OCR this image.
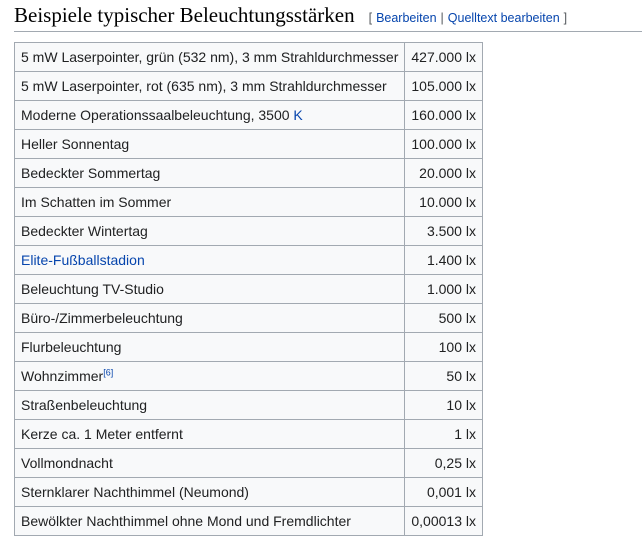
Beispiele typischer Beleuchtungsstärken [ Bearbeiten | Quelltext bearbeiten ]
5 mW Laserpointer, grün (532 nm), 3 mm Strahldurchmesser	427.000 lx
5 mW Laserpointer, rot (635 nm), 3 mm Strahldurchmesser	105.000 lx
Moderne Operationssaalbeleuchtung, 3500 K	160.000 lx
Heller Sonnentag	100.000 lx
Bedeckter Sommertag	20.000 lx
Im Schatten im Sommer	10.000 lx
Bedeckter Wintertag	3.500 lx
Elite-Fußballstadion	1.400 lx
Beleuchtung TV-Studio	1.000 lx
Büro-/Zimmerbeleuchtung	500 lx
Flurbeleuchtung	100 lx
Wohnzimmer[6]	50 lx
Straßenbeleuchtung	10 lx
Kerze ca. 1 Meter entfernt	1 lx
Vollmondnacht	0,25 lx
Sternklarer Nachthimmel (Neumond)	0,001 lx
Bewölkter Nachthimmel ohne Mond und Fremdlichter	0,00013 lx
